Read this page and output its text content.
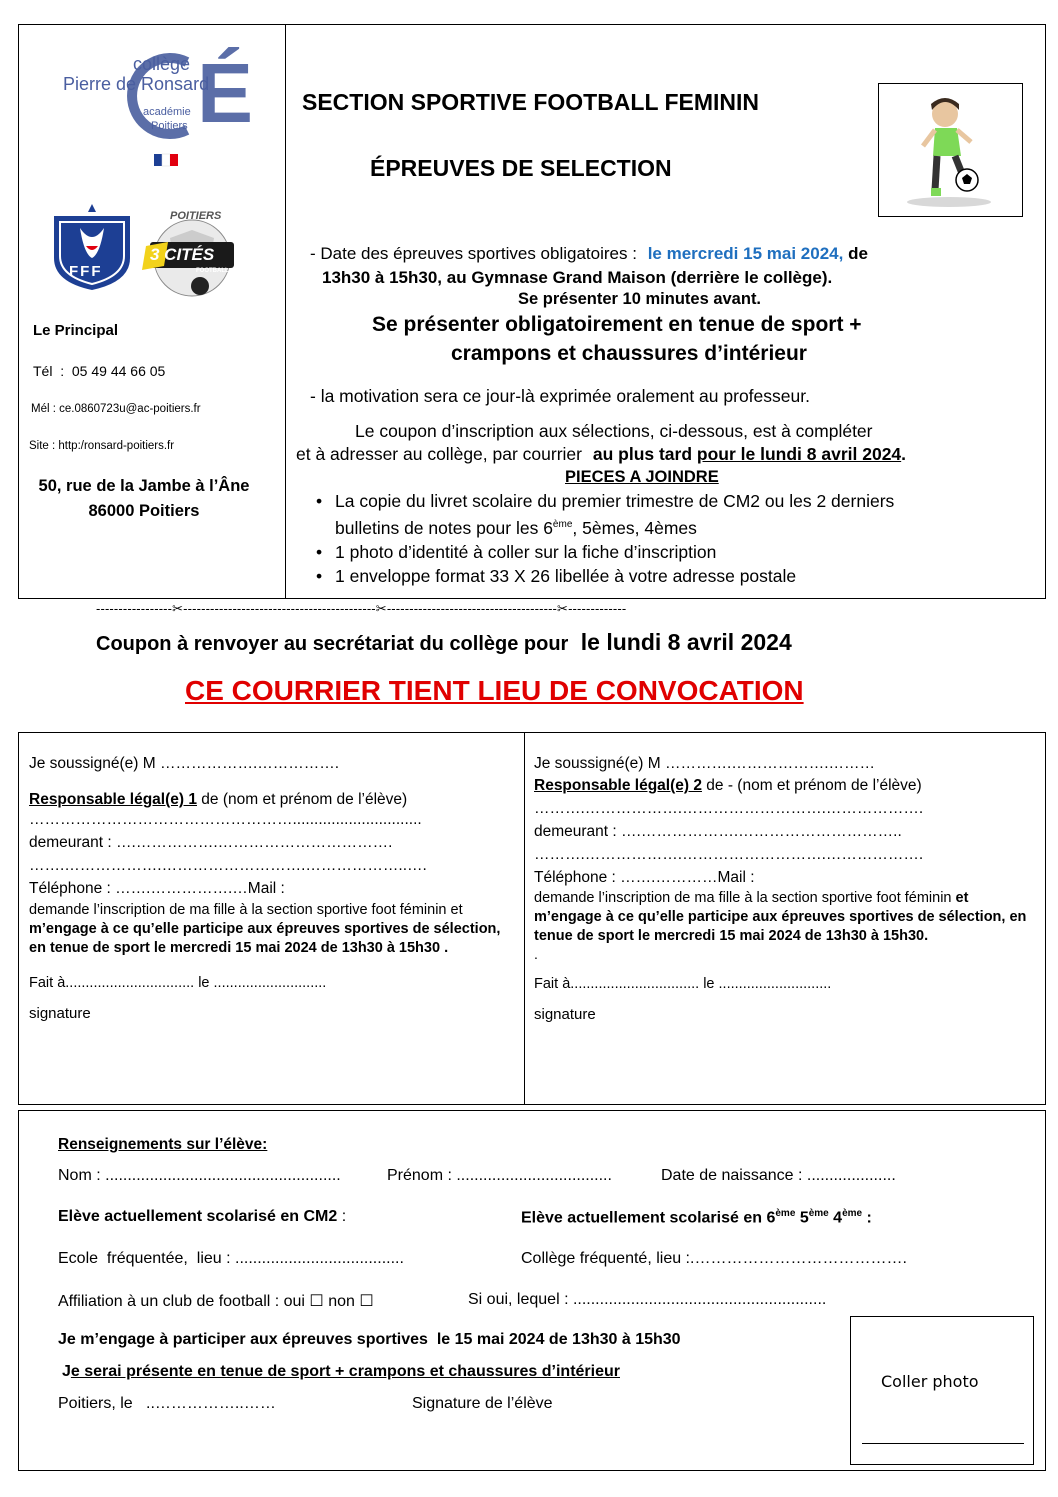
É
collège
Pierre de Ronsard
académie
Poitiers
FFF
POITIERS
3 CITÉS
FOOTBALL
Le Principal
Tél  :  05 49 44 66 05
Mél : ce.0860723u@ac-poitiers.fr
Site : http:/ronsard-poitiers.fr
50, rue de la Jambe à l’Âne
86000 Poitiers
SECTION SPORTIVE FOOTBALL FEMININ
ÉPREUVES DE SELECTION
- Date des épreuves sportives obligatoires : le mercredi 15 mai 2024, de
13h30 à 15h30, au Gymnase Grand Maison (derrière le collège).
Se présenter 10 minutes avant.
Se présenter obligatoirement en tenue de sport +
crampons et chaussures d’intérieur
- la motivation sera ce jour-là exprimée oralement au professeur.
Le coupon d’inscription aux sélections, ci-dessous, est à compléter
et à adresser au collège, par courrier au plus tard pour le lundi 8 avril 2024.
PIECES A JOINDRE
• La copie du livret scolaire du premier trimestre de CM2 ou les 2 derniers
bulletins de notes pour les 6ème, 5èmes, 4èmes
• 1 photo d’identité à coller sur la fiche d’inscription
• 1 enveloppe format 33 X 26 libellée à votre adresse postale
-----------------✂-------------------------------------------✂--------------------------------------✂-------------
Coupon à renvoyer au secrétariat du collège pour le lundi 8 avril 2024
CE COURRIER TIENT LIEU DE CONVOCATION
Je soussigné(e) M ……………….…………….
Responsable légal(e) 1 de (nom et prénom de l’élève)
……………………………………………..............................
demeurant : ….…………….…………………………….
…….……………….……………………….………………..….
Téléphone : …….…………….…Mail :
demande l’inscription de ma fille à la section sportive foot féminin et m’engage à ce qu’elle participe aux épreuves sportives de sélection, en tenue de sport le mercredi 15 mai 2024 de 13h30 à 15h30 .
Fait à................................ le ............................
signature
Je soussigné(e) M ………….……………….………
Responsable légal(e) 2 de - (nom et prénom de l’élève)
……….……………….……………………….……………….
demeurant : ….……………….…………………………..
……….……………….……………………….……………….
Téléphone : …….…………Mail :
demande l’inscription de ma fille à la section sportive foot féminin et m’engage à ce qu’elle participe aux épreuves sportives de sélection, en tenue de sport le mercredi 15 mai 2024 de 13h30 à 15h30.
.
Fait à................................ le ............................
signature
Renseignements sur l’élève:
Nom : .....................................................	Prénom : ...................................	Date de naissance : ....................
Elève actuellement scolarisé en CM2 :	Elève actuellement scolarisé en 6ème 5ème 4ème :
Ecole  fréquentée,  lieu : ......................................	Collège fréquenté, lieu :.………………………………….
Affiliation à un club de football : oui ☐ non ☐	Si oui, lequel : .........................................................
Je m’engage à participer aux épreuves sportives  le 15 mai 2024 de 13h30 à 15h30
Je serai présente en tenue de sport + crampons et chaussures d’intérieur
Poitiers, le   ..……………..……	Signature de l’élève
Coller photo
